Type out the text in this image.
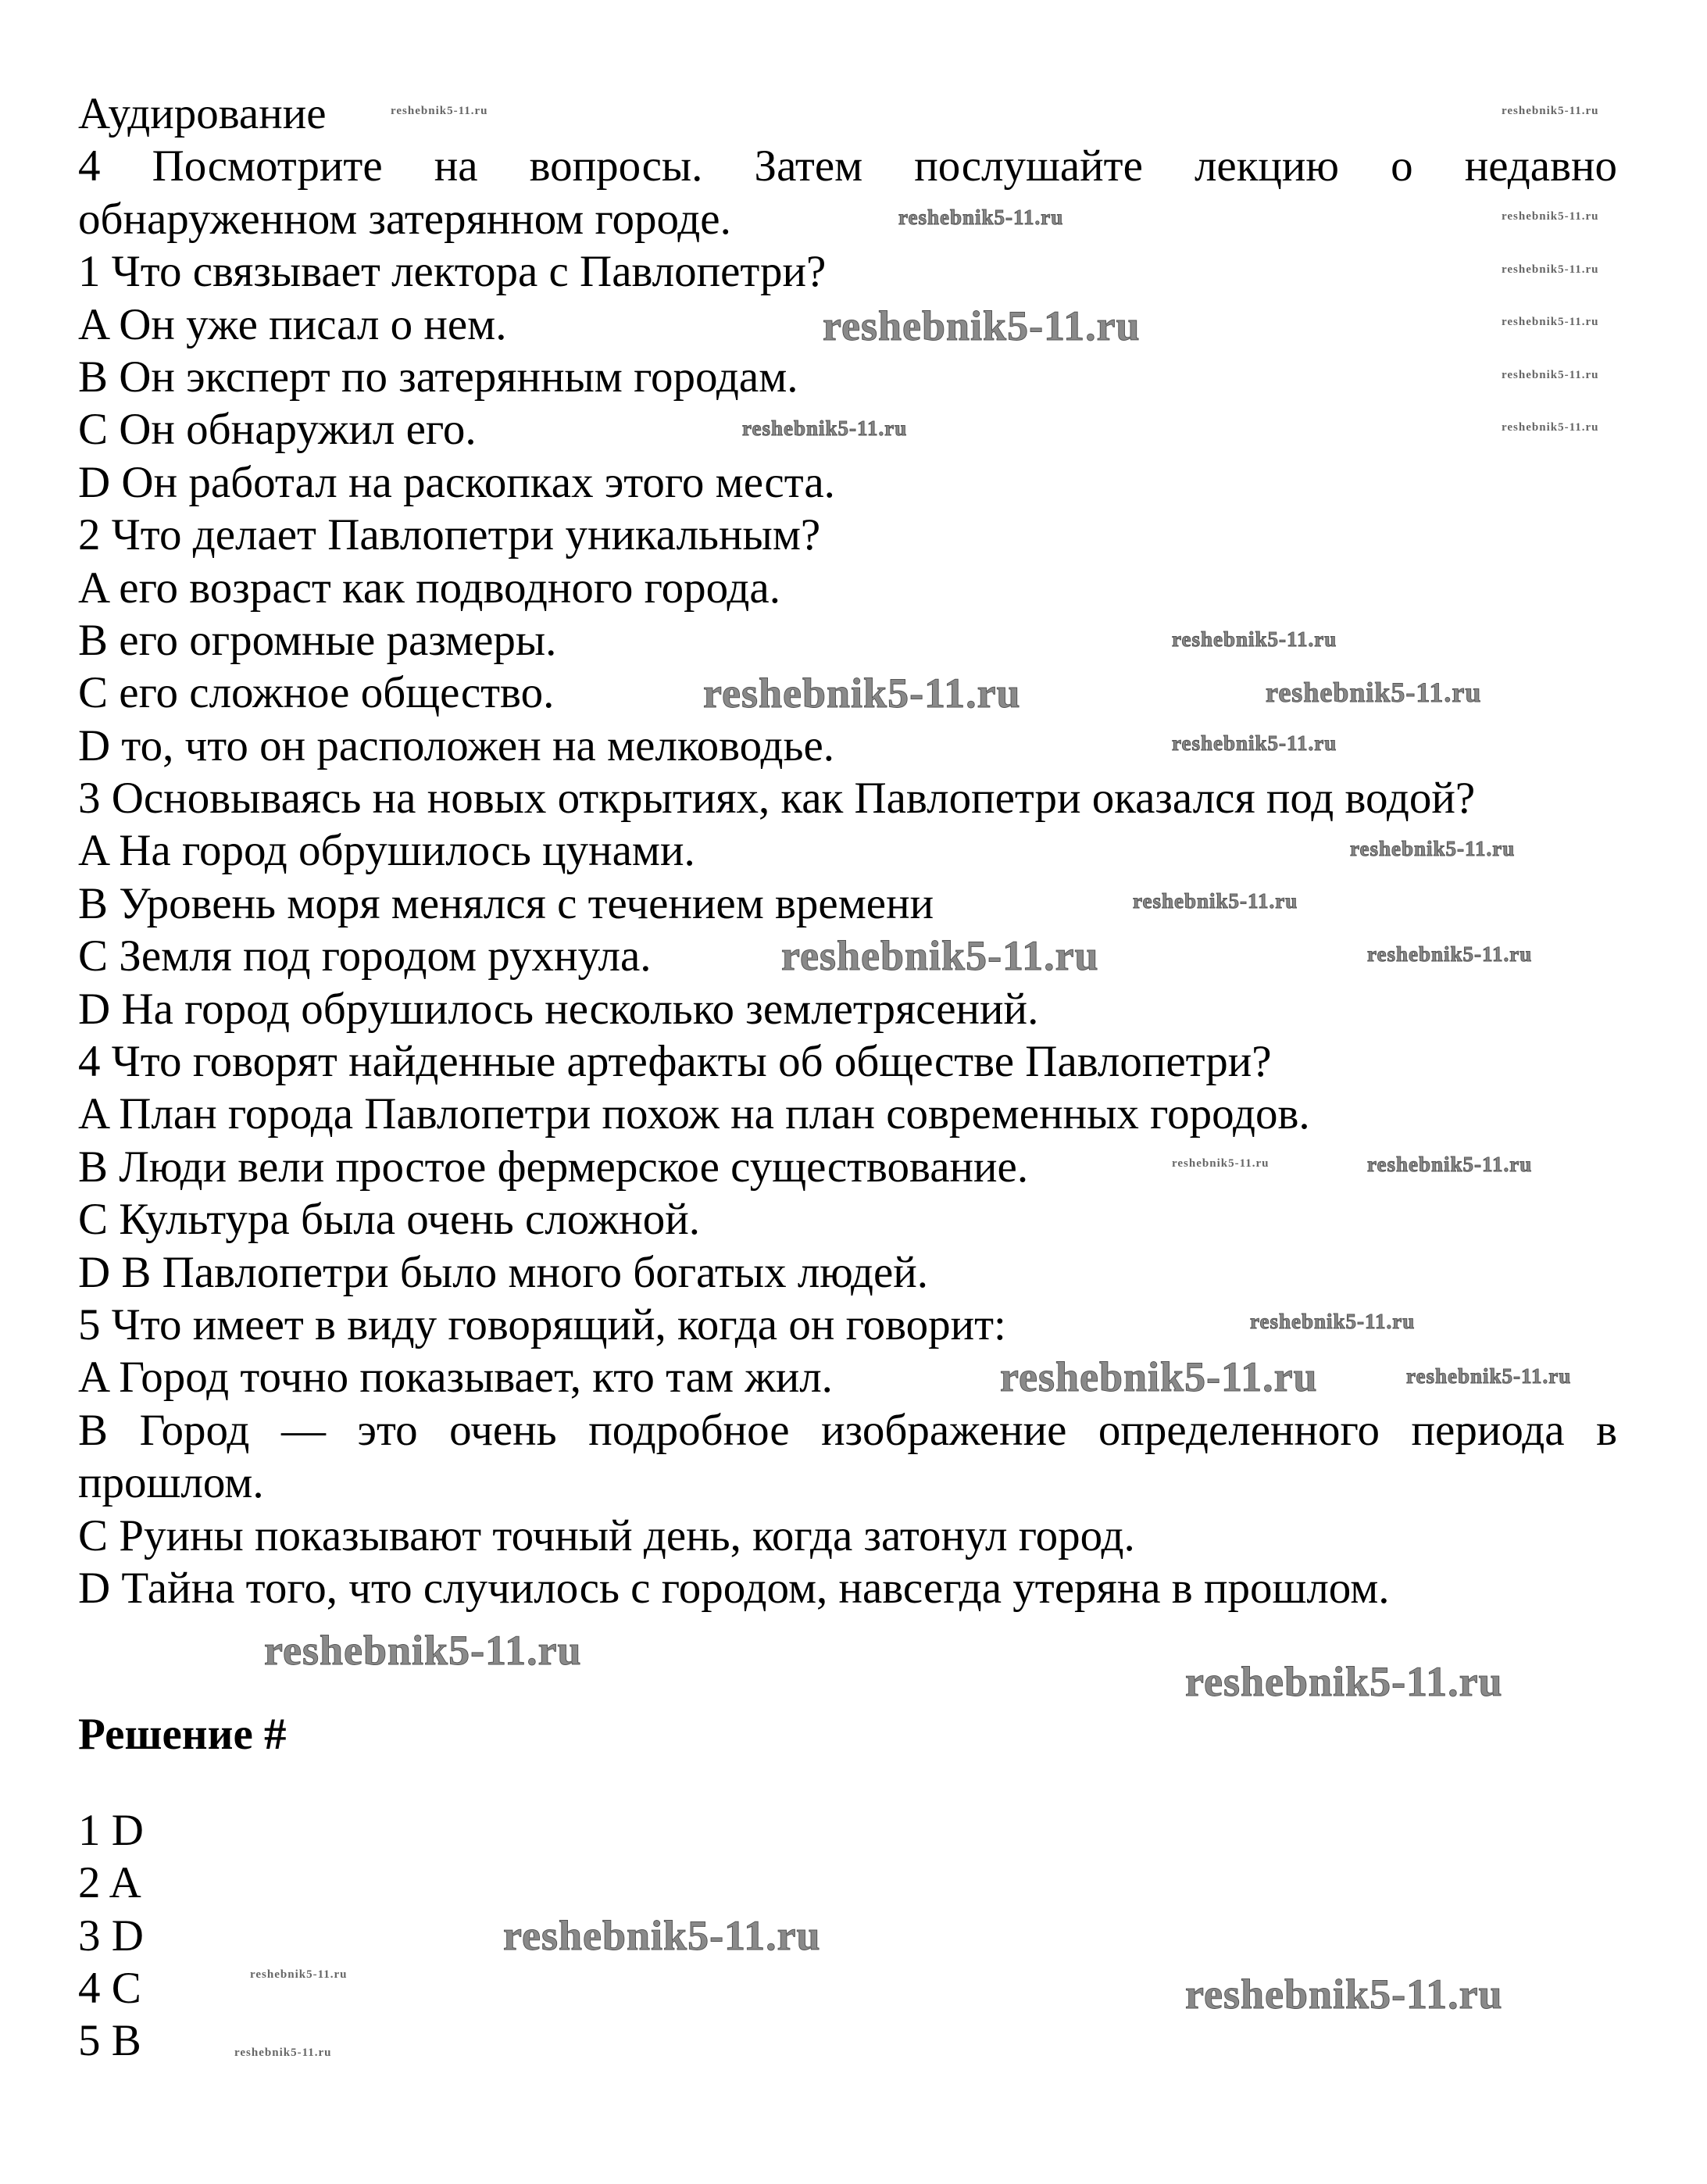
Аудирование
4 Посмотрите на вопросы. Затем послушайте лекцию о недавно
обнаруженном затерянном городе.
1 Что связывает лектора с Павлопетри?
A Он уже писал о нем.
B Он эксперт по затерянным городам.
C Он обнаружил его.
D Он работал на раскопках этого места.
2 Что делает Павлопетри уникальным?
A его возраст как подводного города.
B его огромные размеры.
C его сложное общество.
D то, что он расположен на мелководье.
3 Основываясь на новых открытиях, как Павлопетри оказался под водой?
A На город обрушилось цунами.
B Уровень моря менялся с течением времени
C Земля под городом рухнула.
D На город обрушилось несколько землетрясений.
4 Что говорят найденные артефакты об обществе Павлопетри?
A План города Павлопетри похож на план современных городов.
B Люди вели простое фермерское существование.
C Культура была очень сложной.
D В Павлопетри было много богатых людей.
5 Что имеет в виду говорящий, когда он говорит:
A Город точно показывает, кто там жил.
B Город — это очень подробное изображение определенного периода в
прошлом.
C Руины показывают точный день, когда затонул город.
D Тайна того, что случилось с городом, навсегда утеряна в прошлом.
Решение #
1 D
2 A
3 D
4 C
5 B
reshebnik5-11.ru	reshebnik5-11.ru
reshebnik5-11.ru
reshebnik5-11.ru
reshebnik5-11.ru
reshebnik5-11.ru
reshebnik5-11.ru
reshebnik5-11.ru
reshebnik5-11.ru
reshebnik5-11.ru
reshebnik5-11.ru
reshebnik5-11.ru	reshebnik5-11.ru
reshebnik5-11.ru
reshebnik5-11.ru
reshebnik5-11.ru
reshebnik5-11.ru
reshebnik5-11.ru
reshebnik5-11.ru	reshebnik5-11.ru
reshebnik5-11.ru
reshebnik5-11.ru
reshebnik5-11.ru
reshebnik5-11.ru
reshebnik5-11.ru
reshebnik5-11.ru
reshebnik5-11.ru	reshebnik5-11.ru
reshebnik5-11.ru
